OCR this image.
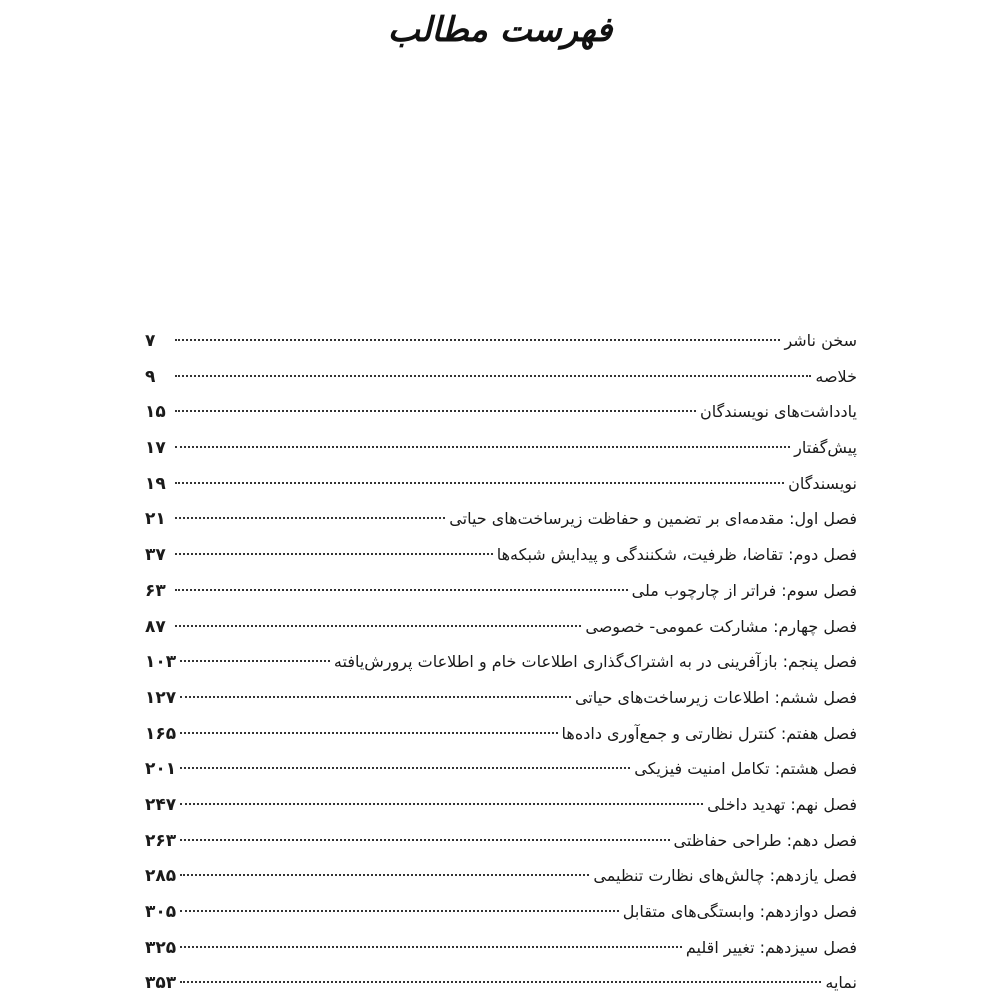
فهرست مطالب
سخن ناشر
۷
خلاصه
۹
یادداشت‌های نویسندگان
۱۵
پیش‌گفتار
۱۷
نویسندگان
۱۹
فصل اول: مقدمه‌ای بر تضمین و حفاظت زیرساخت‌های حیاتی
۲۱
فصل دوم: تقاضا، ظرفیت، شکنندگی و پیدایش شبکه‌ها
۳۷
فصل سوم: فراتر از چارچوب ملی
۶۳
فصل چهارم: مشارکت عمومی- خصوصی
۸۷
فصل پنجم: بازآفرینی در به اشتراک‌گذاری اطلاعات خام و اطلاعات پرورش‌یافته
۱۰۳
فصل ششم: اطلاعات زیرساخت‌های حیاتی
۱۲۷
فصل هفتم: کنترل نظارتی و جمع‌آوری داده‌ها
۱۶۵
فصل هشتم: تکامل امنیت فیزیکی
۲۰۱
فصل نهم: تهدید داخلی
۲۴۷
فصل دهم: طراحی حفاظتی
۲۶۳
فصل یازدهم: چالش‌های نظارت تنظیمی
۲۸۵
فصل دوازدهم: وابستگی‌های متقابل
۳۰۵
فصل سیزدهم: تغییر اقلیم
۳۲۵
نمایه
۳۵۳
